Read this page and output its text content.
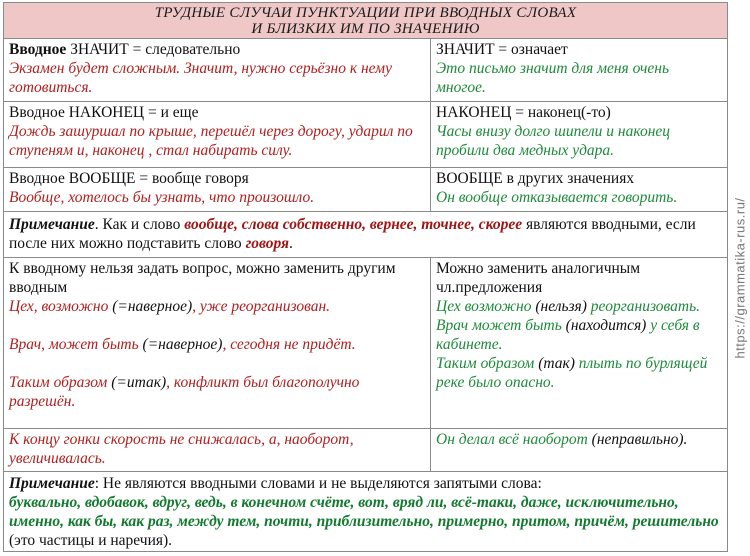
ТРУДНЫЕ СЛУЧАИ ПУНКТУАЦИИ ПРИ ВВОДНЫХ СЛОВАХ
И БЛИЗКИХ ИМ ПО ЗНАЧЕНИЮ
Вводное ЗНАЧИТ = следовательно
Экзамен будет сложным. Значит, нужно серьёзно к нему готовиться.
ЗНАЧИТ = означает
Это письмо значит для меня очень многое.
Вводное НАКОНЕЦ = и еще
Дождь зашуршал по крыше, перешёл через дорогу, ударил по ступеням и, наконец , стал набирать силу.
НАКОНЕЦ = наконец(-то)
Часы внизу долго шипели и наконец пробили два медных удара.
Вводное ВООБЩЕ = вообще говоря
Вообще, хотелось бы узнать, что произошло.
ВООБЩЕ в других значениях
Он вообще отказывается говорить.
Примечание. Как и слово вообще, слова собственно, вернее, точнее, скорее являются вводными, если после них можно подставить слово говоря.
К вводному нельзя задать вопрос, можно заменить другим вводным
Цех, возможно (=наверное), уже реорганизован.
Врач, может быть (=наверное), сегодня не придёт.
Таким образом (=итак), конфликт был благополучно разрешён.
Можно заменить аналогичным чл.предложения
Цех возможно (нельзя) реорганизовать.
Врач может быть (находится) у себя в кабинете.
Таким образом (так) плыть по бурлящей реке было опасно.
К концу гонки скорость не снижалась, а, наоборот, увеличивалась.
Он делал всё наоборот (неправильно).
Примечание: Не являются вводными словами и не выделяются запятыми слова:
буквально, вдобавок, вдруг, ведь, в конечном счёте, вот, вряд ли, всё-таки, даже, исключительно, именно, как бы, как раз, между тем, почти, приблизительно, примерно, притом, причём, решительно (это частицы и наречия).
https://grammatika-rus.ru/
